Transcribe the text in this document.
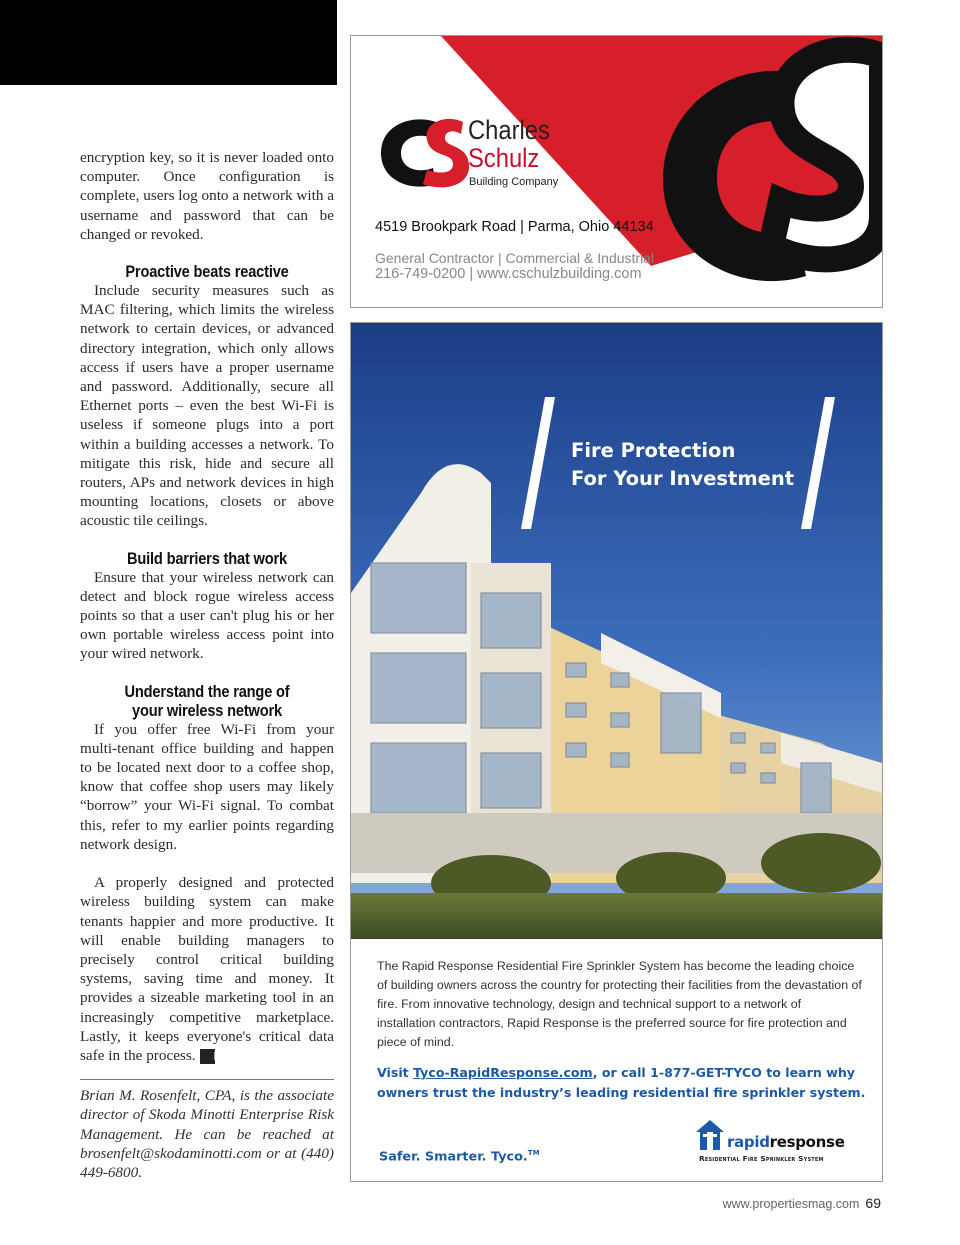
encryption key, so it is never loaded onto computer. Once configuration is complete, users log onto a network with a username and password that can be changed or revoked.

Proactive beats reactive

Include security measures such as MAC filtering, which limits the wireless network to certain devices, or advanced directory integration, which only allows access if users have a proper username and password. Additionally, secure all Ethernet ports – even the best Wi-Fi is useless if someone plugs into a port within a building accesses a network. To mitigate this risk, hide and secure all routers, APs and network devices in high mounting locations, closets or above acoustic tile ceilings.

Build barriers that work

Ensure that your wireless network can detect and block rogue wireless access points so that a user can't plug his or her own portable wireless access point into your wired network.

Understand the range of your wireless network

If you offer free Wi-Fi from your multi-tenant office building and happen to be located next door to a coffee shop, know that coffee shop users may likely “borrow” your Wi-Fi signal. To combat this, refer to my earlier points regarding network design.

A properly designed and protected wireless building system can make tenants happier and more productive. It will enable building managers to precisely control critical building systems, saving time and money. It provides a sizeable marketing tool in an increasingly competitive marketplace. Lastly, it keeps everyone's critical data safe in the process. P

Brian M. Rosenfelt, CPA, is the associate director of Skoda Minotti Enterprise Risk Management. He can be reached at brosenfelt@skodaminotti.com or at (440) 449-6800.

Charles
Schulz
Building Company
4519 Brookpark Road | Parma, Ohio 44134
General Contractor | Commercial & Industrial
216-749-0200 | www.cschulzbuilding.com
Fire Protection
For Your Investment
The Rapid Response Residential Fire Sprinkler System has become the leading choice of building owners across the country for protecting their facilities from the devastation of fire. From innovative technology, design and technical support to a network of installation contractors, Rapid Response is the preferred source for fire protection and piece of mind.
Visit Tyco-RapidResponse.com, or call 1-877-GET-TYCO to learn why owners trust the industry’s leading residential fire sprinkler system.
Safer. Smarter. Tyco.™
rapidresponse
Residential Fire Sprinkler System
www.propertiesmag.com 69
